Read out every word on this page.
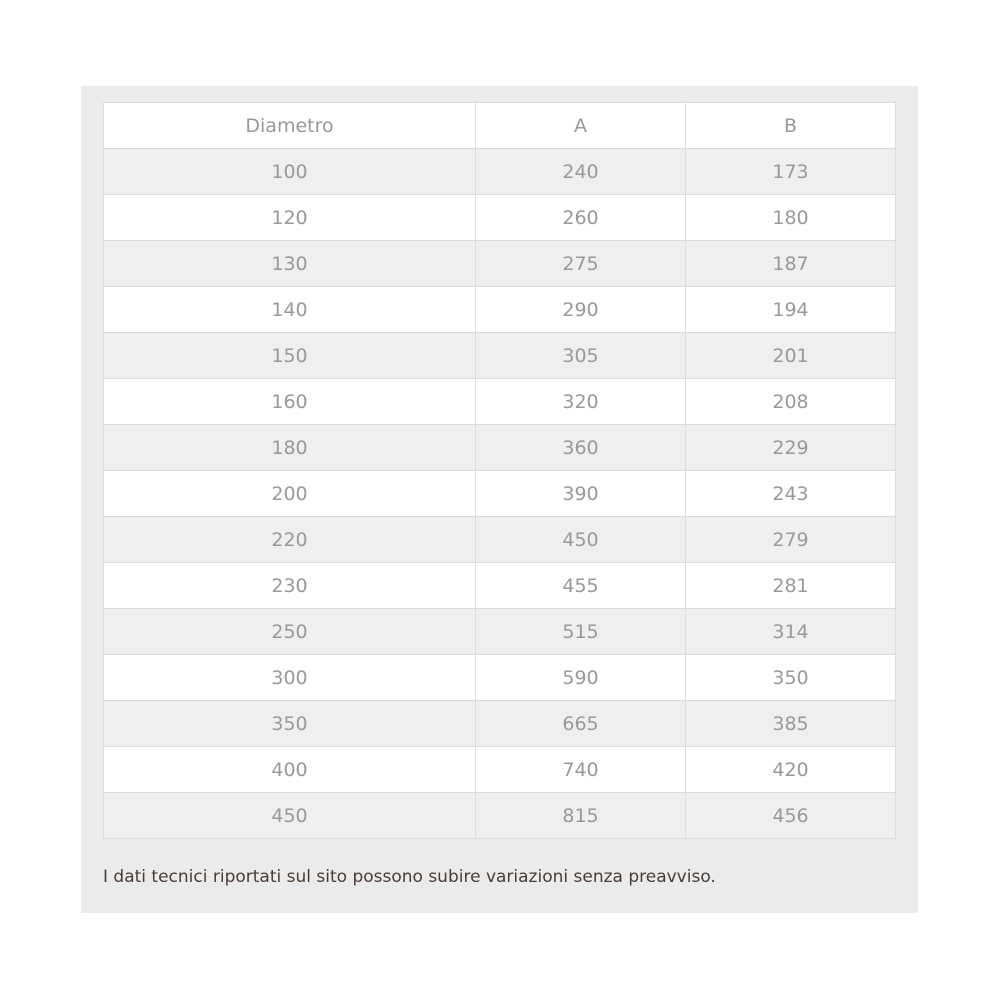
Diametro	A	B
100	240	173
120	260	180
130	275	187
140	290	194
150	305	201
160	320	208
180	360	229
200	390	243
220	450	279
230	455	281
250	515	314
300	590	350
350	665	385
400	740	420
450	815	456

I dati tecnici riportati sul sito possono subire variazioni senza preavviso.
